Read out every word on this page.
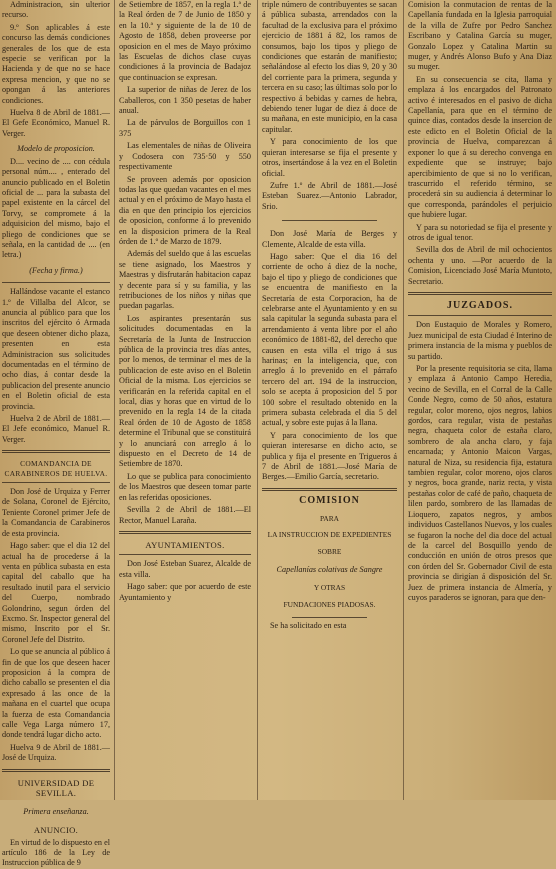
Administracion, sin ulterior recurso.

9.º Son aplicables á este concurso las demás condiciones generales de los que de esta especie se verifican por la Hacienda y de que no se hace expresa mencion, y que no se opongan á las anteriores condiciones.

Huelva 8 de Abril de 1881.—El Gefe Económico, Manuel R. Verger.

Modelo de proposicion.

D.... vecino de .... con cédula personal núm.... , enterado del anuncio publicado en el Boletin oficial de ... para la subasta del papel existente en la cárcel del Torvy, se compromete á la adquisicion del mismo, bajo el pliego de condiciones que se señala, en la cantidad de .... (en letra.)

(Fecha y firma.)

Hallándose vacante el estanco 1.º de Villalba del Alcor, se anuncia al público para que los inscritos del ejército ó Armada que deseen obtener dicho plaza, presenten en esta Administracion sus solicitudes documentadas en el término de ocho dias, á contar desde la publicacion del presente anuncio en el Boletin oficial de esta provincia.

Huelva 2 de Abril de 1881.—El Jefe económico, Manuel R. Verger.

COMANDANCIA DE CARABINEROS DE HUELVA.

Don José de Urquiza y Ferrer de Solana, Coronel de Ejército, Teniente Coronel primer Jefe de la Comandancia de Carabineros de esta provincia.

Hago saber: que el dia 12 del actual ha de procederse á la venta en pública subasta en esta capital del caballo que ha resultado inutil para el servicio del Cuerpo, nombrado Golondrino, segun órden del Excmo. Sr. Inspector general del mismo, Inscrito por el Sr. Coronel Jefe del Distrito.

Lo que se anuncia al público á fin de que los que deseen hacer proposicion á la compra de dicho caballo se presenten el dia expresado á las once de la mañana en el cuartel que ocupa la fuerza de esta Comandancia calle Vega Larga número 17, donde tendrá lugar dicho acto.

Huelva 9 de Abril de 1881.—José de Urquiza.

UNIVERSIDAD DE SEVILLA.

Primera enseñanza.

ANUNCIO.

En virtud de lo dispuesto en el artículo 186 de la Ley de Instruccion pública de 9

de Setiembre de 1857, en la regla 1.ª de la Real órden de 7 de Junio de 1850 y en la 10.ª y siguiente de la de 10 de Agosto de 1858, deben proveerse por oposicion en el mes de Mayo próximo las Escuelas de dichos clase cuyas condiciones á la provincia de Badajoz que continuacion se expresan.

La superior de niñas de Jerez de los Caballeros, con 1 350 pesetas de haber anual.

La de párvulos de Borguillos con 1 375

Las elementales de niñas de Oliveira y Codosera con 735·50 y 550 respectivamente

Se proveen además por oposicion todas las que quedan vacantes en el mes actual y en el próximo de Mayo hasta el dia en que den principio los ejercicios de oposicion, conforme á lo prevenido en la disposicion primera de la Real órden de 1.º de Marzo de 1879.

Además del sueldo que á las escuelas se tiene asignado, los Maestros y Maestras y disfrutarán habitacion capaz y decente para sí y su familia, y las retribuciones de los niños y niñas que puedan pagarlas.

Los aspirantes presentarán sus solicitudes documentadas en la Secretaría de la Junta de Instruccion pública de la provincia tres días antes, por lo menos, de terminar el mes de la publicacion de este aviso en el Boletin Oficial de la misma. Los ejercicios se verificarán en la referida capital en el local, dias y horas que en virtud de lo prevenido en la regla 14 de la citada Real órden de 10 de Agosto de 1858 determine el Tribunal que se constituirá y lo anunciará con arreglo á lo dispuesto en el Decreto de 14 de Setiembre de 1870.

Lo que se publica para conocimiento de los Maestros que deseen tomar parte en las referidas oposiciones.

Sevilla 2 de Abril de 1881.—El Rector, Manuel Laraña.

AYUNTAMIENTOS.

Don José Esteban Suarez, Alcalde de esta villa.

Hago saber: que por acuerdo de este Ayuntamiento y

triple número de contribuyentes se sacan á pública subasta, arrendados con la facultad de la exclusiva para el próximo ejercicio de 1881 á 82, los ramos de consumos, bajo los tipos y pliego de condiciones que estarán de manifiesto; señalándose al efecto los dias 9, 20 y 30 del corriente para la primera, segunda y tercera en su caso; las últimas solo por lo respectivo á bebidas y carnes de hebra, debiendo tener lugar de diez á doce de su mañana, en este municipio, en la casa capitular.

Y para conocimiento de los que quieran interesarse se fija el presente y otros, insertándose á la vez en el Boletin oficial.

Zufre 1.º de Abril de 1881.—José Esteban Suarez.—Antonio Labrador, Srio.

Don José María de Berges y Clemente, Alcalde de esta villa.

Hago saber: Que el dia 16 del corriente de ocho á diez de la noche, bajo el tipo y pliego de condiciones que se encuentra de manifiesto en la Secretaría de esta Corporacion, ha de celebrarse ante el Ayuntamiento y en su sala capitular la segunda subasta para el arrendamiento á venta libre por el año económico de 1881-82, del derecho que causen en esta villa el trigo á sus harinas; en la inteligencia, que, con arreglo á lo prevenido en el párrafo tercero del art. 194 de la instruccion, solo se acepta á proposicion del 5 por 100 sobre el resultado obtenido en la primera subasta celebrada el dia 5 del actual, y sobre este pujas á la llana.

Y para conocimiento de los que quieran interesarse en dicho acto, se publica y fija el presente en Trigueros á 7 de Abril de 1881.—José María de Berges.—Emilio García, secretario.

COMISION

PARA

LA INSTRUCCION DE EXPEDIENTES

SOBRE

Capellanías colativas de Sangre

Y OTRAS

FUNDACIONES PIADOSAS.

Se ha solicitado en esta

Comision la conmutacion de rentas de la Capellanía fundada en la Iglesia parroquial de la villa de Zufre por Pedro Sanchez Escribano y Catalina García su muger, Gonzalo Lopez y Catalina Martin su muger, y Andrés Alonso Bufo y Ana Diaz su muger.

En su consecuencia se cita, llama y emplaza á los encargados del Patronato activo é interesados en el pasivo de dicha Capellanía, para que en el término de quince dias, contados desde la insercion de este edicto en el Boletin Oficial de la provincia de Huelva, comparezcan á exponer lo que á su derecho convenga en expediente que se instruye; bajo apercibimiento de que si no lo verifican, trascurrido el referido término, se procederá sin su audiencia á determinar lo que corresponda, parándoles el perjuicio que hubiere lugar.

Y para su notoriedad se fija el presente y otros de igual tenor.

Sevilla dos de Abril de mil ochocientos ochenta y uno. —Por acuerdo de la Comision, Licenciado José María Muntoto, Secretario.

JUZGADOS.

Don Eustaquio de Morales y Romero, Juez municipal de esta Ciudad é Interino de primera instancia de la misma y pueblos de su partido.

Por la presente requisitoria se cita, llama y emplaza á Antonio Campo Heredia, vecino de Sevilla, en el Corral de la Calle Conde Negro, como de 50 años, estatura regular, color moreno, ojos negros, labios gordos, cara regular, vista de pestañas negra, chaqueta color de estaña claro, sombrero de ala ancha claro, y faja encarnada; y Antonio Maicon Vargas, natural de Niza, su residencia fija, estatura tambien regular, color moreno, ojos claros y negros, boca grande, nariz recta, y vista pestañas color de café de paño, chaqueta de lilen pardo, sombrero de las llamadas de Lioquero, zapatos negros, y ambos individuos Castellanos Nuevos, y los cuales se fugaron la noche del dia doce del actual de la carcel del Bosquillo yendo de conducción en unión de otros presos que con órden del Sr. Gobernador Civil de esta provincia se dirigían á disposición del Sr. Juez de primera instancia de Almería, y cuyos paraderos se ignoran, para que den-
